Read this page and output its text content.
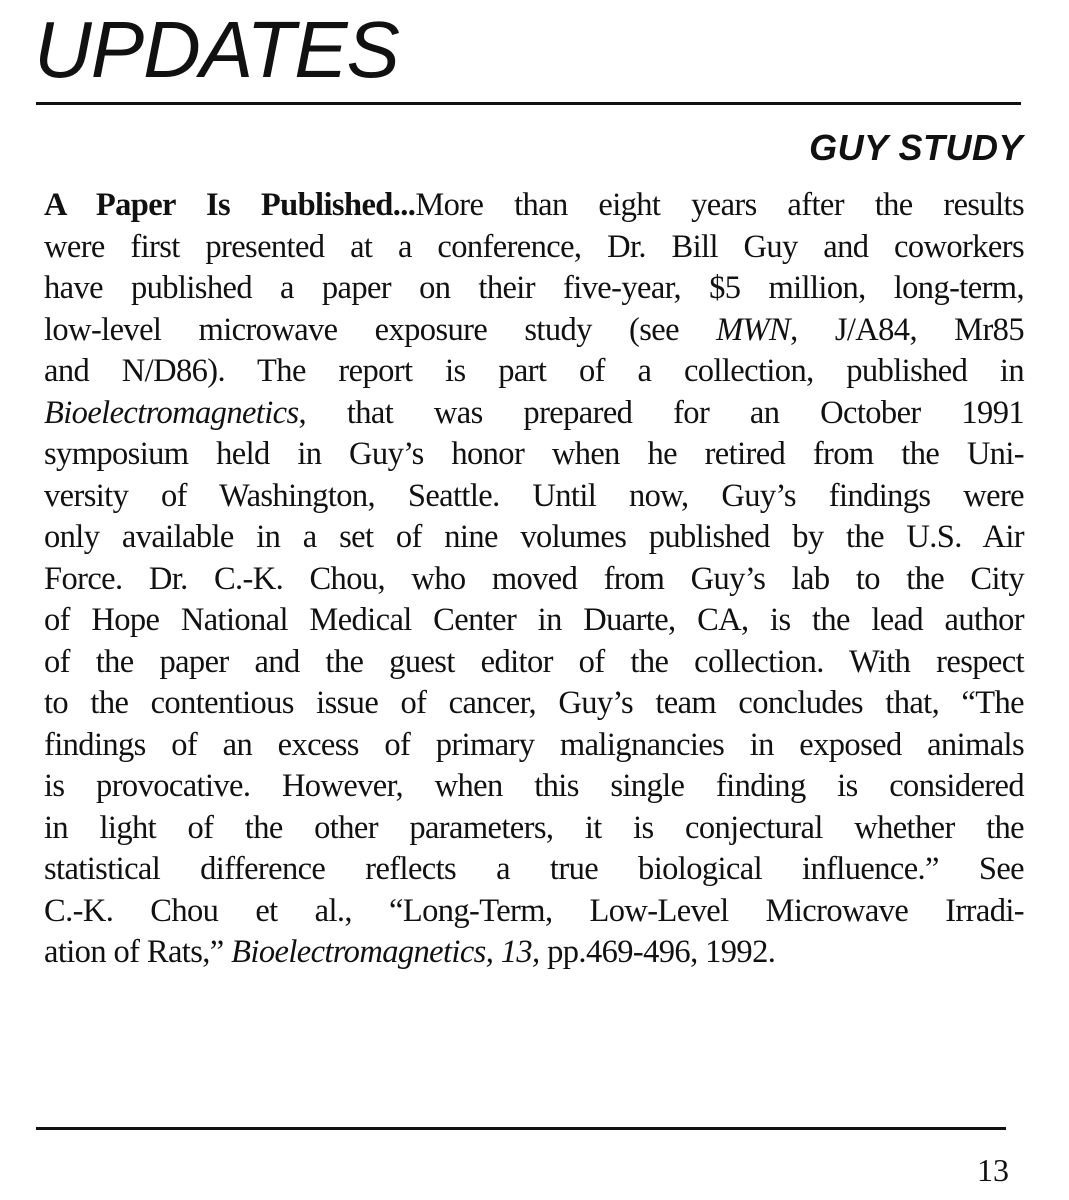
UPDATES
GUY STUDY
A Paper Is Published...More than eight years after the results
were first presented at a conference, Dr. Bill Guy and coworkers
have published a paper on their five-year, $5 million, long-term,
low-level microwave exposure study (see MWN, J/A84, Mr85
and N/D86). The report is part of a collection, published in
Bioelectromagnetics, that was prepared for an October 1991
symposium held in Guy’s honor when he retired from the Uni-
versity of Washington, Seattle. Until now, Guy’s findings were
only available in a set of nine volumes published by the U.S. Air
Force. Dr. C.-K. Chou, who moved from Guy’s lab to the City
of Hope National Medical Center in Duarte, CA, is the lead author
of the paper and the guest editor of the collection. With respect
to the contentious issue of cancer, Guy’s team concludes that, “The
findings of an excess of primary malignancies in exposed animals
is provocative. However, when this single finding is considered
in light of the other parameters, it is conjectural whether the
statistical difference reflects a true biological influence.” See
C.-K. Chou et al., “Long-Term, Low-Level Microwave Irradi-
ation of Rats,” Bioelectromagnetics, 13, pp.469-496, 1992.
13
